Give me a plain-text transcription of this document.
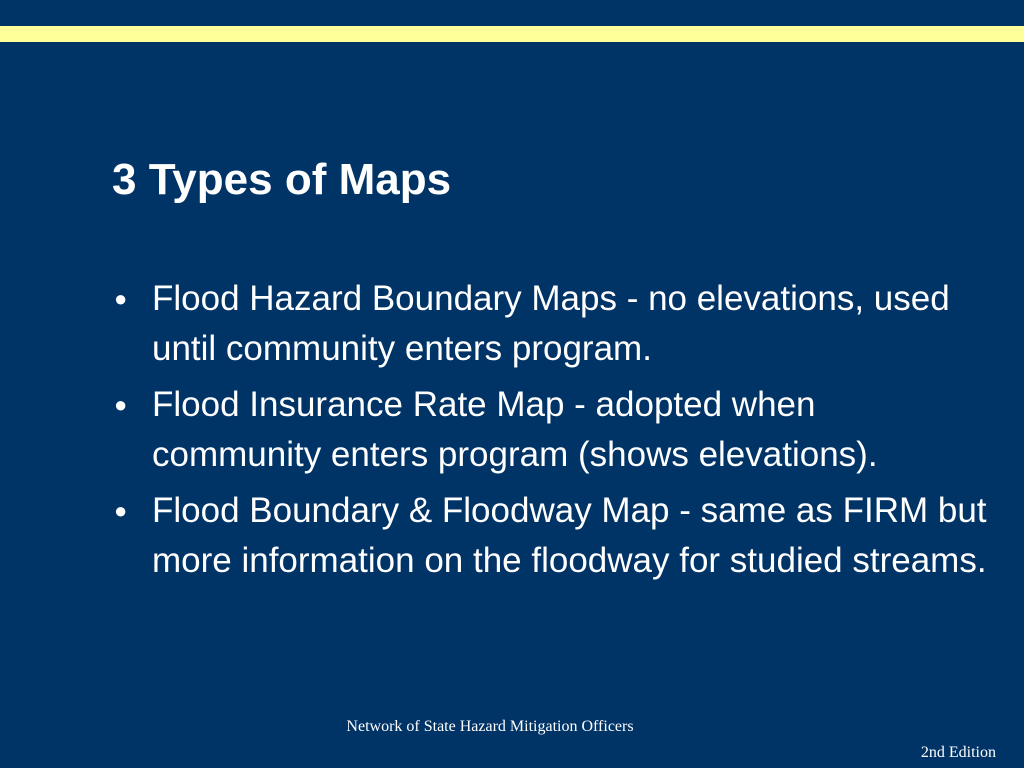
3 Types of Maps
● Flood Hazard Boundary Maps - no elevations, used until community enters program.
● Flood Insurance Rate Map - adopted when community enters program (shows elevations).
● Flood Boundary & Floodway Map - same as FIRM but more information on the floodway for studied streams.
Network of State Hazard Mitigation Officers
2nd Edition
